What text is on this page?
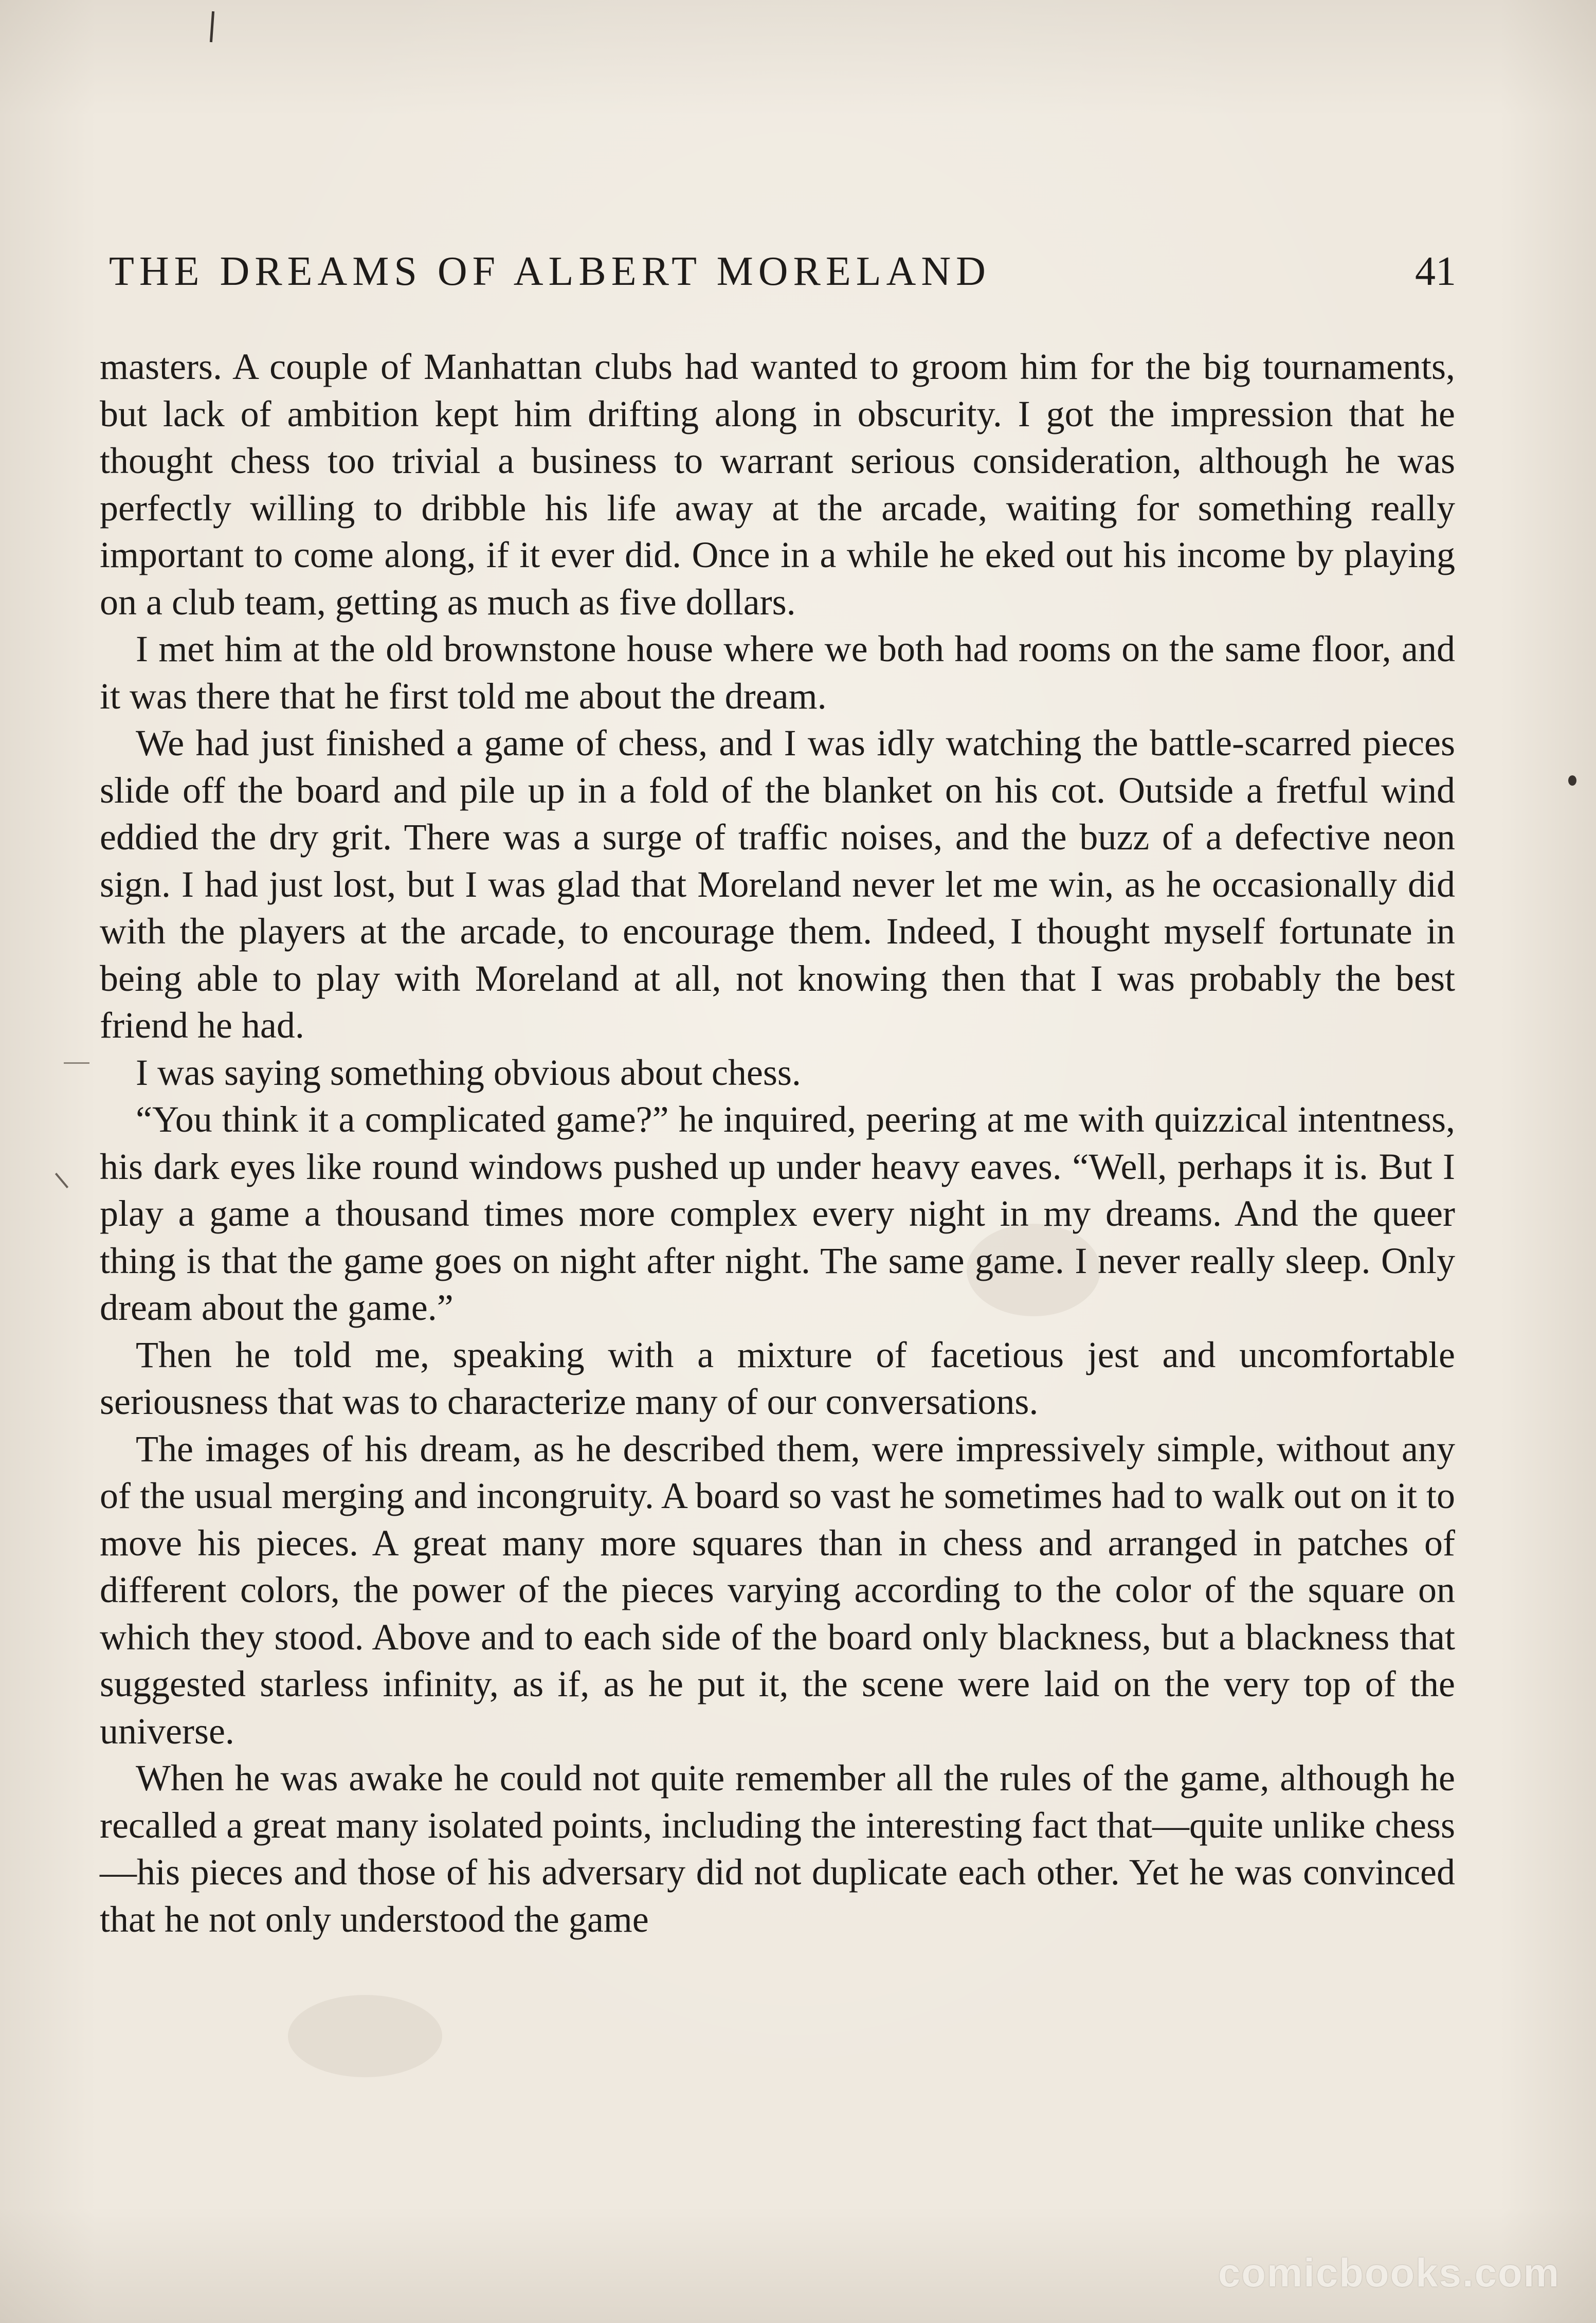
THE DREAMS OF ALBERT MORELAND	41

masters. A couple of Manhattan clubs had wanted to groom him for the big tournaments, but lack of ambition kept him drifting along in obscurity. I got the impression that he thought chess too trivial a business to warrant serious consideration, although he was perfectly willing to dribble his life away at the arcade, waiting for something really important to come along, if it ever did. Once in a while he eked out his income by playing on a club team, getting as much as five dollars.

I met him at the old brownstone house where we both had rooms on the same floor, and it was there that he first told me about the dream.

We had just finished a game of chess, and I was idly watching the battle-scarred pieces slide off the board and pile up in a fold of the blanket on his cot. Outside a fretful wind eddied the dry grit. There was a surge of traffic noises, and the buzz of a defective neon sign. I had just lost, but I was glad that Moreland never let me win, as he occasionally did with the players at the arcade, to encourage them. Indeed, I thought myself fortunate in being able to play with Moreland at all, not knowing then that I was probably the best friend he had.

I was saying something obvious about chess.

“You think it a complicated game?” he inquired, peering at me with quizzical intentness, his dark eyes like round windows pushed up under heavy eaves. “Well, perhaps it is. But I play a game a thousand times more complex every night in my dreams. And the queer thing is that the game goes on night after night. The same game. I never really sleep. Only dream about the game.”

Then he told me, speaking with a mixture of facetious jest and uncomfortable seriousness that was to characterize many of our conversations.

The images of his dream, as he described them, were impressively simple, without any of the usual merging and incongruity. A board so vast he sometimes had to walk out on it to move his pieces. A great many more squares than in chess and arranged in patches of different colors, the power of the pieces varying according to the color of the square on which they stood. Above and to each side of the board only blackness, but a blackness that suggested starless infinity, as if, as he put it, the scene were laid on the very top of the universe.

When he was awake he could not quite remember all the rules of the game, although he recalled a great many isolated points, including the interesting fact that—quite unlike chess—his pieces and those of his adversary did not duplicate each other. Yet he was convinced that he not only understood the game

comicbooks.com
